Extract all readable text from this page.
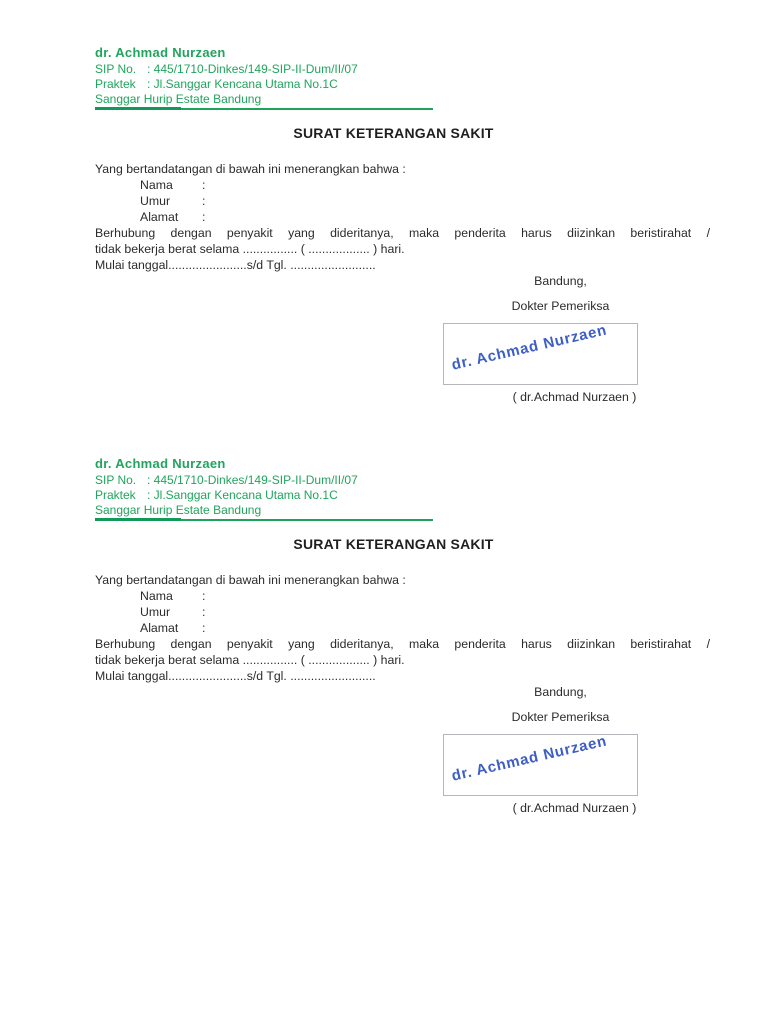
dr. Achmad Nurzaen
SIP No. : 445/1710-Dinkes/149-SIP-II-Dum/II/07
Praktek : Jl.Sanggar Kencana Utama No.1C
Sanggar Hurip Estate Bandung
SURAT KETERANGAN SAKIT
Yang bertandatangan di bawah ini menerangkan bahwa :
Nama :
Umur	:
Alamat :
Berhubung dengan penyakit yang dideritanya, maka penderita harus diizinkan beristirahat /
tidak bekerja berat selama ................ ( .................. ) hari.
Mulai tanggal.......................s/d Tgl. .........................
Bandung,
Dokter Pemeriksa
dr. Achmad Nurzaen
( dr.Achmad Nurzaen )
dr. Achmad Nurzaen
SIP No. : 445/1710-Dinkes/149-SIP-II-Dum/II/07
Praktek : Jl.Sanggar Kencana Utama No.1C
Sanggar Hurip Estate Bandung
SURAT KETERANGAN SAKIT
Yang bertandatangan di bawah ini menerangkan bahwa :
Nama :
Umur	:
Alamat :
Berhubung dengan penyakit yang dideritanya, maka penderita harus diizinkan beristirahat /
tidak bekerja berat selama ................ ( .................. ) hari.
Mulai tanggal.......................s/d Tgl. .........................
Bandung,
Dokter Pemeriksa
dr. Achmad Nurzaen
( dr.Achmad Nurzaen )
